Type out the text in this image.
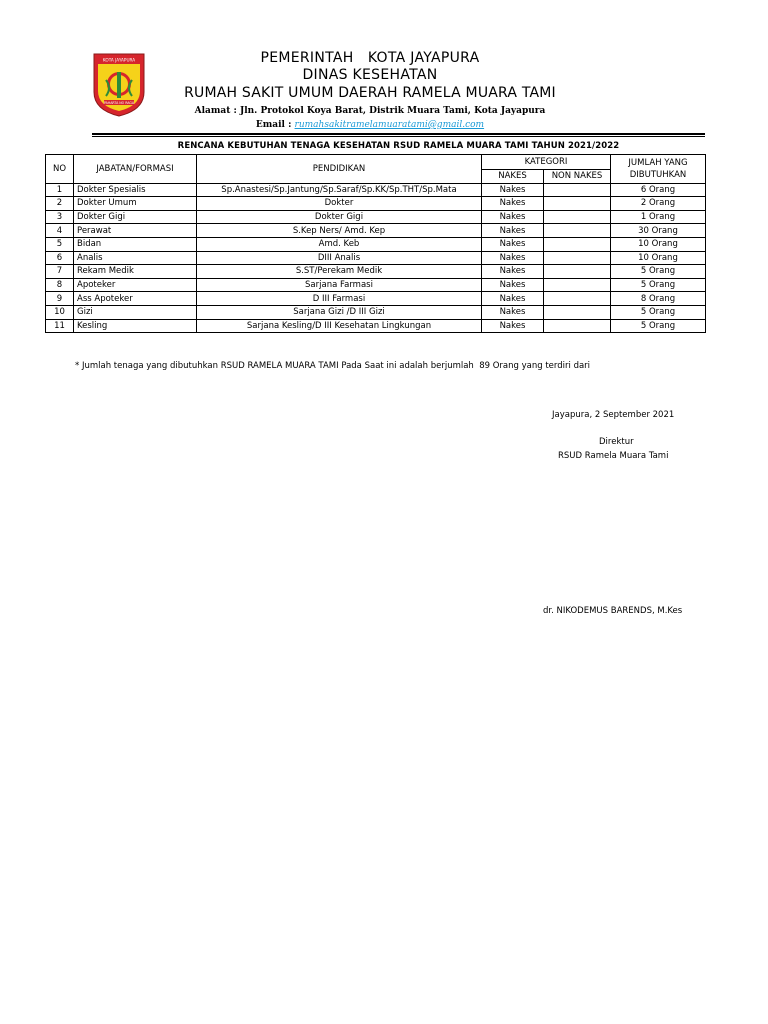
KOTA JAYAPURA
PAHARTA NO RAGA
PEMERINTAH   KOTA JAYAPURA
DINAS KESEHATAN
RUMAH SAKIT UMUM DAERAH RAMELA MUARA TAMI
Alamat : Jln. Protokol Koya Barat, Distrik Muara Tami, Kota Jayapura
Email : rumahsakitramelamuaratami@gmail.com
RENCANA KEBUTUHAN TENAGA KESEHATAN RSUD RAMELA MUARA TAMI TAHUN 2021/2022
NO	JABATAN/FORMASI	PENDIDIKAN	KATEGORI		JUMLAH YANG
DIBUTUHKAN
			NAKES	NON NAKES	
1	Dokter Spesialis	Sp.Anastesi/Sp.Jantung/Sp.Saraf/Sp.KK/Sp.THT/Sp.Mata	Nakes		6 Orang
2	Dokter Umum	Dokter	Nakes		2 Orang
3	Dokter Gigi	Dokter Gigi	Nakes		1 Orang
4	Perawat	S.Kep Ners/ Amd. Kep	Nakes		30 Orang
5	Bidan	Amd. Keb	Nakes		10 Orang
6	Analis	DIII Analis	Nakes		10 Orang
7	Rekam Medik	S.ST/Perekam Medik	Nakes		5 Orang
8	Apoteker	Sarjana Farmasi	Nakes		5 Orang
9	Ass Apoteker	D III Farmasi	Nakes		8 Orang
10	Gizi	Sarjana Gizi /D III Gizi	Nakes		5 Orang
11	Kesling	Sarjana Kesling/D III Kesehatan Lingkungan	Nakes		5 Orang
* Jumlah tenaga yang dibutuhkan RSUD RAMELA MUARA TAMI Pada Saat ini adalah berjumlah  89 Orang yang terdiri dari
Jayapura, 2 September 2021
Direktur
RSUD Ramela Muara Tami
dr. NIKODEMUS BARENDS, M.Kes
